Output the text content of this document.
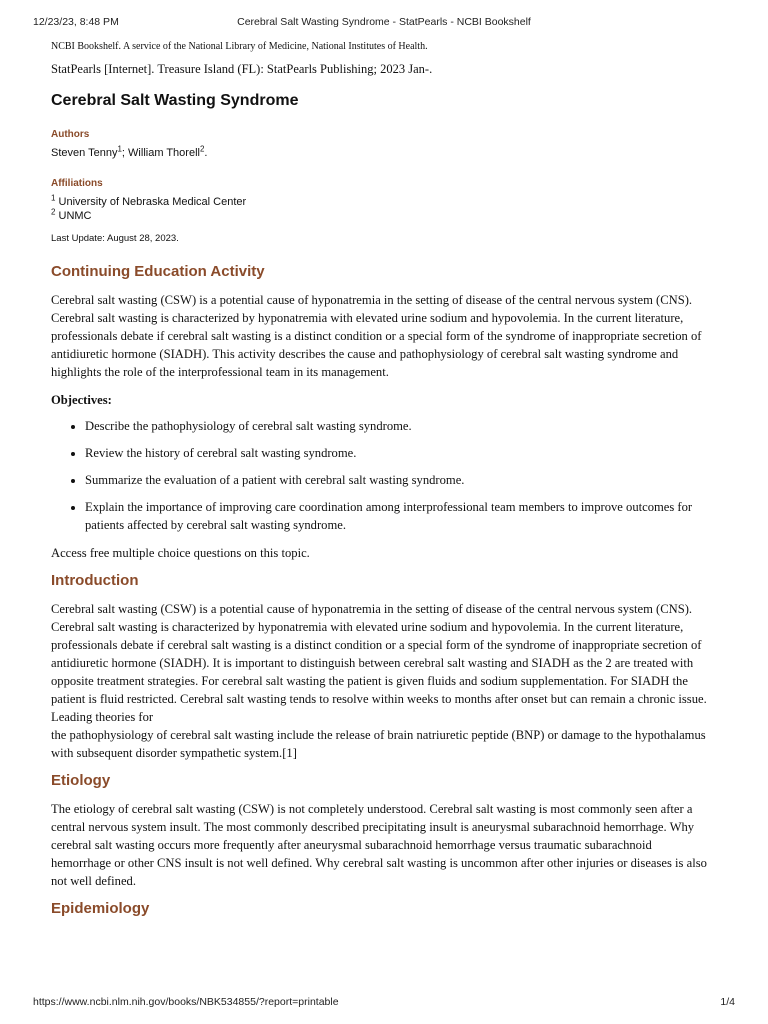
12/23/23, 8:48 PM	Cerebral Salt Wasting Syndrome - StatPearls - NCBI Bookshelf

NCBI Bookshelf. A service of the National Library of Medicine, National Institutes of Health.

StatPearls [Internet]. Treasure Island (FL): StatPearls Publishing; 2023 Jan-.

Cerebral Salt Wasting Syndrome
Authors
Steven Tenny$^1$; William Thorell$^2$.
Affiliations
$^1$ University of Nebraska Medical Center
$^2$ UNMC
Last Update: August 28, 2023.
Continuing Education Activity

Cerebral salt wasting (CSW) is a potential cause of hyponatremia in the setting of disease of the central nervous system (CNS). Cerebral salt wasting is characterized by hyponatremia with elevated urine sodium and hypovolemia. In the current literature, professionals debate if cerebral salt wasting is a distinct condition or a special form of the syndrome of inappropriate secretion of antidiuretic hormone (SIADH). This activity describes the cause and pathophysiology of cerebral salt wasting syndrome and highlights the role of the interprofessional team in its management.

Objectives:

• Describe the pathophysiology of cerebral salt wasting syndrome.
• Review the history of cerebral salt wasting syndrome.
• Summarize the evaluation of a patient with cerebral salt wasting syndrome.
• Explain the importance of improving care coordination among interprofessional team members to improve outcomes for patients affected by cerebral salt wasting syndrome.

Access free multiple choice questions on this topic.

Introduction

Cerebral salt wasting (CSW) is a potential cause of hyponatremia in the setting of disease of the central nervous system (CNS). Cerebral salt wasting is characterized by hyponatremia with elevated urine sodium and hypovolemia. In the current literature, professionals debate if cerebral salt wasting is a distinct condition or a special form of the syndrome of inappropriate secretion of antidiuretic hormone (SIADH). It is important to distinguish between cerebral salt wasting and SIADH as the 2 are treated with opposite treatment strategies. For cerebral salt wasting the patient is given fluids and sodium supplementation. For SIADH the patient is fluid restricted. Cerebral salt wasting tends to resolve within weeks to months after onset but can remain a chronic issue. Leading theories for

the pathophysiology of cerebral salt wasting include the release of brain natriuretic peptide (BNP) or damage to the hypothalamus with subsequent disorder sympathetic system.[1]

Etiology

The etiology of cerebral salt wasting (CSW) is not completely understood. Cerebral salt wasting is most commonly seen after a central nervous system insult. The most commonly described precipitating insult is aneurysmal subarachnoid hemorrhage. Why cerebral salt wasting occurs more frequently after aneurysmal subarachnoid hemorrhage versus traumatic subarachnoid hemorrhage or other CNS insult is not well defined. Why cerebral salt wasting is uncommon after other injuries or diseases is also not well defined.

Epidemiology
https://www.ncbi.nlm.nih.gov/books/NBK534855/?report=printable	1/4
